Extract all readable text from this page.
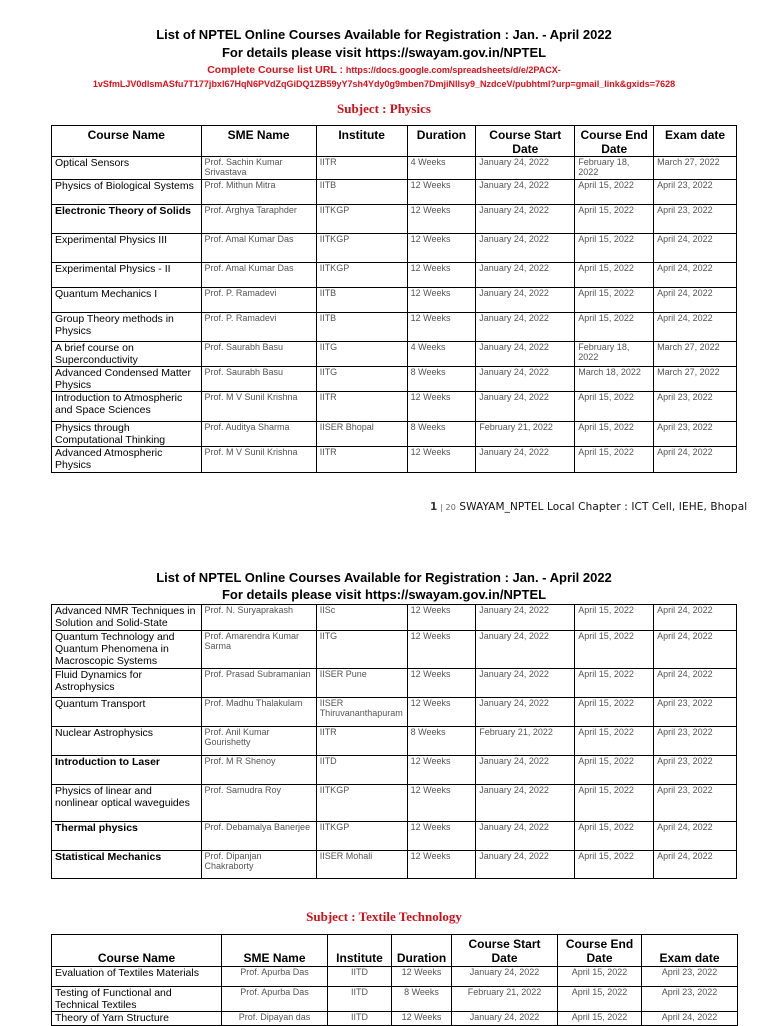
List of NPTEL Online Courses Available for Registration : Jan. - April 2022
For details please visit https://swayam.gov.in/NPTEL
Complete Course list URL : https://docs.google.com/spreadsheets/d/e/2PACX-
1vSfmLJV0dIsmASfu7T177jbxl67HqN6PVdZqGiDQ1ZB59yY7sh4Ydy0g9mben7DmjiNllsy9_NzdceV/pubhtml?urp=gmail_link&gxids=7628
Subject : Physics
Course Name	SME Name	Institute	Duration	Course Start Date	Course End Date	Exam date
Optical Sensors	Prof. Sachin Kumar Srivastava	IITR	4 Weeks	January 24, 2022	February 18, 2022	March 27, 2022
Physics of Biological Systems	Prof. Mithun Mitra	IITB	12 Weeks	January 24, 2022	April 15, 2022	April 23, 2022
Electronic Theory of Solids	Prof. Arghya Taraphder	IITKGP	12 Weeks	January 24, 2022	April 15, 2022	April 23, 2022
Experimental Physics III	Prof. Amal Kumar Das	IITKGP	12 Weeks	January 24, 2022	April 15, 2022	April 24, 2022
Experimental Physics - II	Prof. Amal Kumar Das	IITKGP	12 Weeks	January 24, 2022	April 15, 2022	April 24, 2022
Quantum Mechanics I	Prof. P. Ramadevi	IITB	12 Weeks	January 24, 2022	April 15, 2022	April 24, 2022
Group Theory methods in Physics	Prof. P. Ramadevi	IITB	12 Weeks	January 24, 2022	April 15, 2022	April 24, 2022
A brief course on Superconductivity	Prof. Saurabh Basu	IITG	4 Weeks	January 24, 2022	February 18, 2022	March 27, 2022
Advanced Condensed Matter Physics	Prof. Saurabh Basu	IITG	8 Weeks	January 24, 2022	March 18, 2022	March 27, 2022
Introduction to Atmospheric and Space Sciences	Prof. M V Sunil Krishna	IITR	12 Weeks	January 24, 2022	April 15, 2022	April 23, 2022
Physics through Computational Thinking	Prof. Auditya Sharma	IISER Bhopal	8 Weeks	February 21, 2022	April 15, 2022	April 23, 2022
Advanced Atmospheric Physics	Prof. M V Sunil Krishna	IITR	12 Weeks	January 24, 2022	April 15, 2022	April 24, 2022
1 | 20 SWAYAM_NPTEL Local Chapter : ICT Cell, IEHE, Bhopal
List of NPTEL Online Courses Available for Registration : Jan. - April 2022
For details please visit https://swayam.gov.in/NPTEL
Advanced NMR Techniques in Solution and Solid-State	Prof. N. Suryaprakash	IISc	12 Weeks	January 24, 2022	April 15, 2022	April 24, 2022
Quantum Technology and Quantum Phenomena in Macroscopic Systems	Prof. Amarendra Kumar Sarma	IITG	12 Weeks	January 24, 2022	April 15, 2022	April 24, 2022
Fluid Dynamics for Astrophysics	Prof. Prasad Subramanian	IISER Pune	12 Weeks	January 24, 2022	April 15, 2022	April 24, 2022
Quantum Transport	Prof. Madhu Thalakulam	IISER Thiruvananthapuram	12 Weeks	January 24, 2022	April 15, 2022	April 23, 2022
Nuclear Astrophysics	Prof. Anil Kumar Gourishetty	IITR	8 Weeks	February 21, 2022	April 15, 2022	April 23, 2022
Introduction to Laser	Prof. M R Shenoy	IITD	12 Weeks	January 24, 2022	April 15, 2022	April 23, 2022
Physics of linear and nonlinear optical waveguides	Prof. Samudra Roy	IITKGP	12 Weeks	January 24, 2022	April 15, 2022	April 23, 2022
Thermal physics	Prof. Debamalya Banerjee	IITKGP	12 Weeks	January 24, 2022	April 15, 2022	April 24, 2022
Statistical Mechanics	Prof. Dipanjan Chakraborty	IISER Mohali	12 Weeks	January 24, 2022	April 15, 2022	April 24, 2022
Subject : Textile Technology
Course Name	SME Name	Institute	Duration	Course Start Date	Course End Date	Exam date
Evaluation of Textiles Materials	Prof. Apurba Das	IITD	12 Weeks	January 24, 2022	April 15, 2022	April 23, 2022
Testing of Functional and Technical Textiles	Prof. Apurba Das	IITD	8 Weeks	February 21, 2022	April 15, 2022	April 23, 2022
Theory of Yarn Structure	Prof. Dipayan das	IITD	12 Weeks	January 24, 2022	April 15, 2022	April 24, 2022
